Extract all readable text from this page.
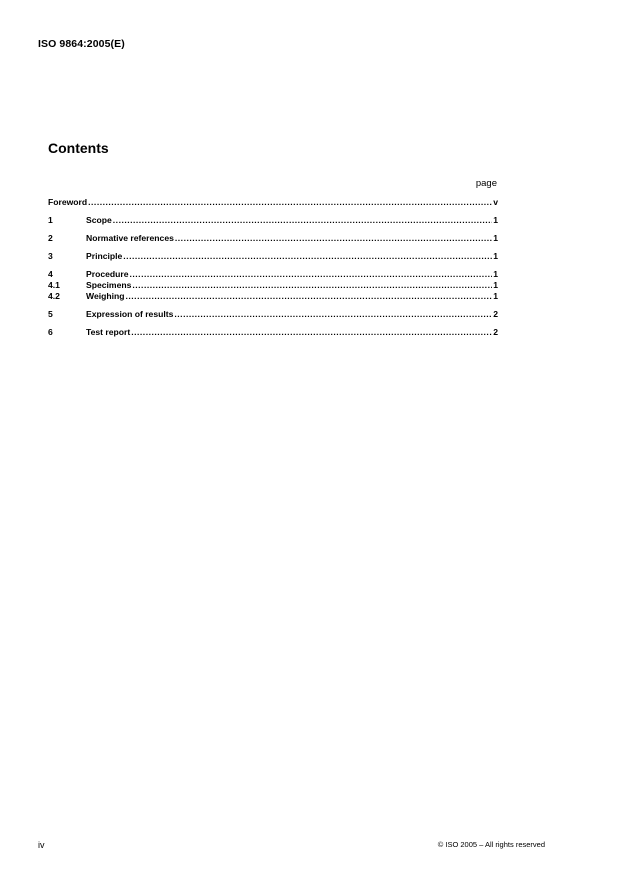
ISO 9864:2005(E)
Contents
page
Foreword .....	v
1	Scope .....	1
2	Normative references .....	1
3	Principle .....	1
4	Procedure .....	1
4.1	Specimens .....	1
4.2	Weighing .....	1
5	Expression of results .....	2
6	Test report .....	2
iv	© ISO 2005 – All rights reserved
